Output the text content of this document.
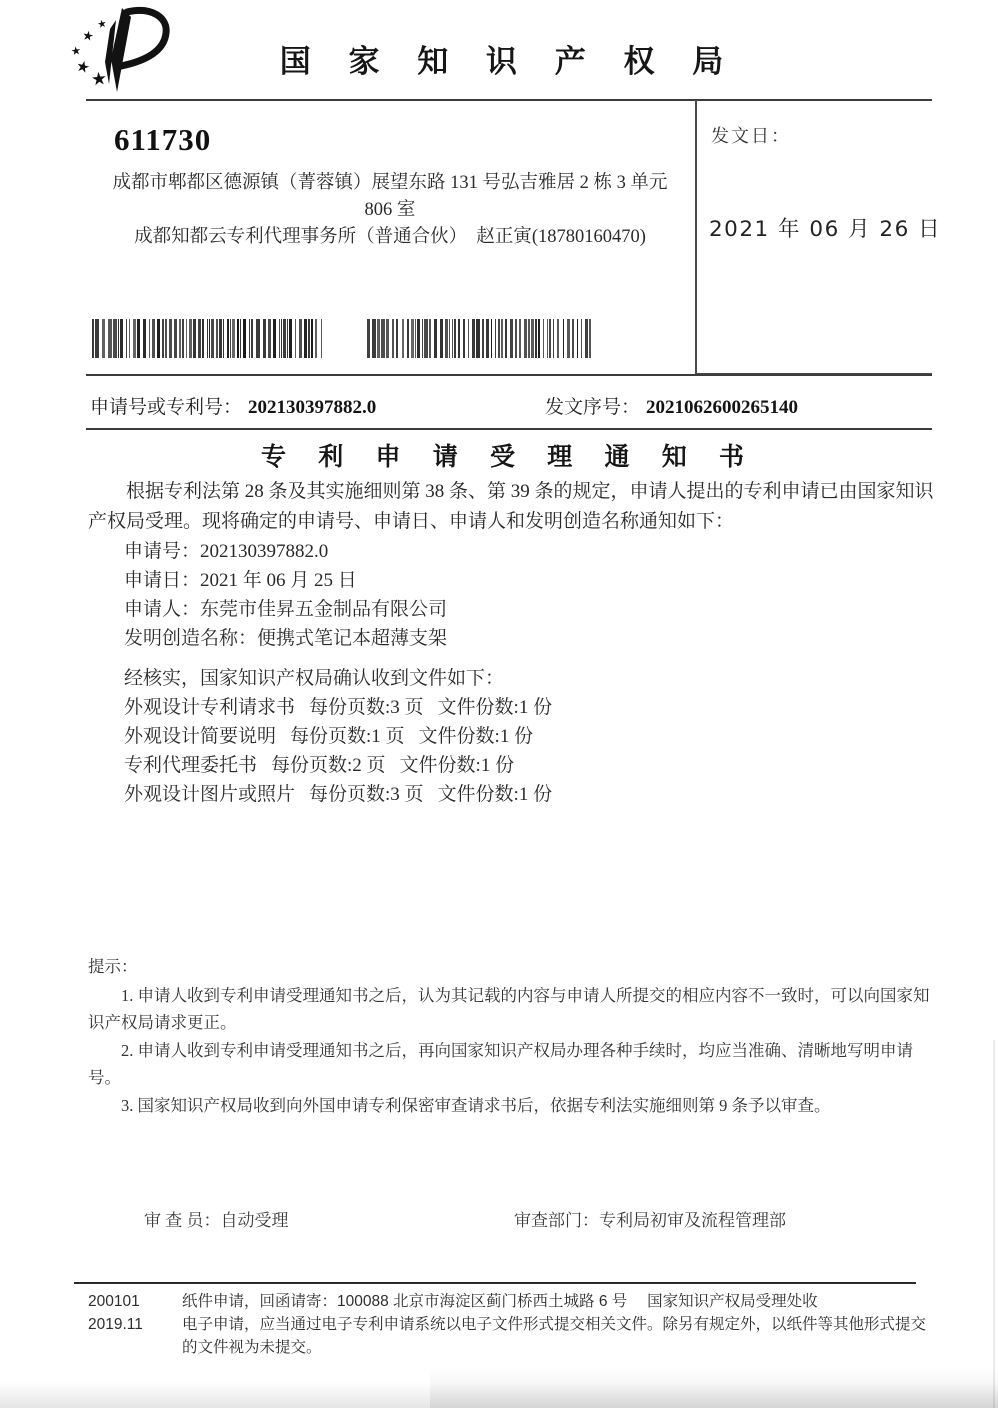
国 家 知 识 产 权 局
611730
成都市郫都区德源镇（菁蓉镇）展望东路 131 号弘吉雅居 2 栋 3 单元
806 室
成都知都云专利代理事务所（普通合伙）　赵正寅(18780160470)
发文日：
2021 年 06 月 26 日
申请号或专利号： 202130397882.0	发文序号： 2021062600265140
专 利 申 请 受 理 通 知 书

根据专利法第 28 条及其实施细则第 38 条、第 39 条的规定，申请人提出的专利申请已由国家知识产权局受理。现将确定的申请号、申请日、申请人和发明创造名称通知如下：

申请号：202130397882.0
申请日：2021 年 06 月 25 日
申请人：东莞市佳昇五金制品有限公司
发明创造名称：便携式笔记本超薄支架
经核实，国家知识产权局确认收到文件如下：
外观设计专利请求书 每份页数:3 页 文件份数:1 份
外观设计简要说明 每份页数:1 页 文件份数:1 份
专利代理委托书 每份页数:2 页 文件份数:1 份
外观设计图片或照片 每份页数:3 页 文件份数:1 份

提示：

1. 申请人收到专利申请受理通知书之后，认为其记载的内容与申请人所提交的相应内容不一致时，可以向国家知识产权局请求更正。

2. 申请人收到专利申请受理通知书之后，再向国家知识产权局办理各种手续时，均应当准确、清晰地写明申请号。

3. 国家知识产权局收到向外国申请专利保密审查请求书后，依据专利法实施细则第 9 条予以审查。

审 查 员：自动受理	审查部门：专利局初审及流程管理部
200101
2019.11

纸件申请，回函请寄：100088 北京市海淀区蓟门桥西土城路 6 号　 国家知识产权局受理处收

电子申请，应当通过电子专利申请系统以电子文件形式提交相关文件。除另有规定外，以纸件等其他形式提交的文件视为未提交。
